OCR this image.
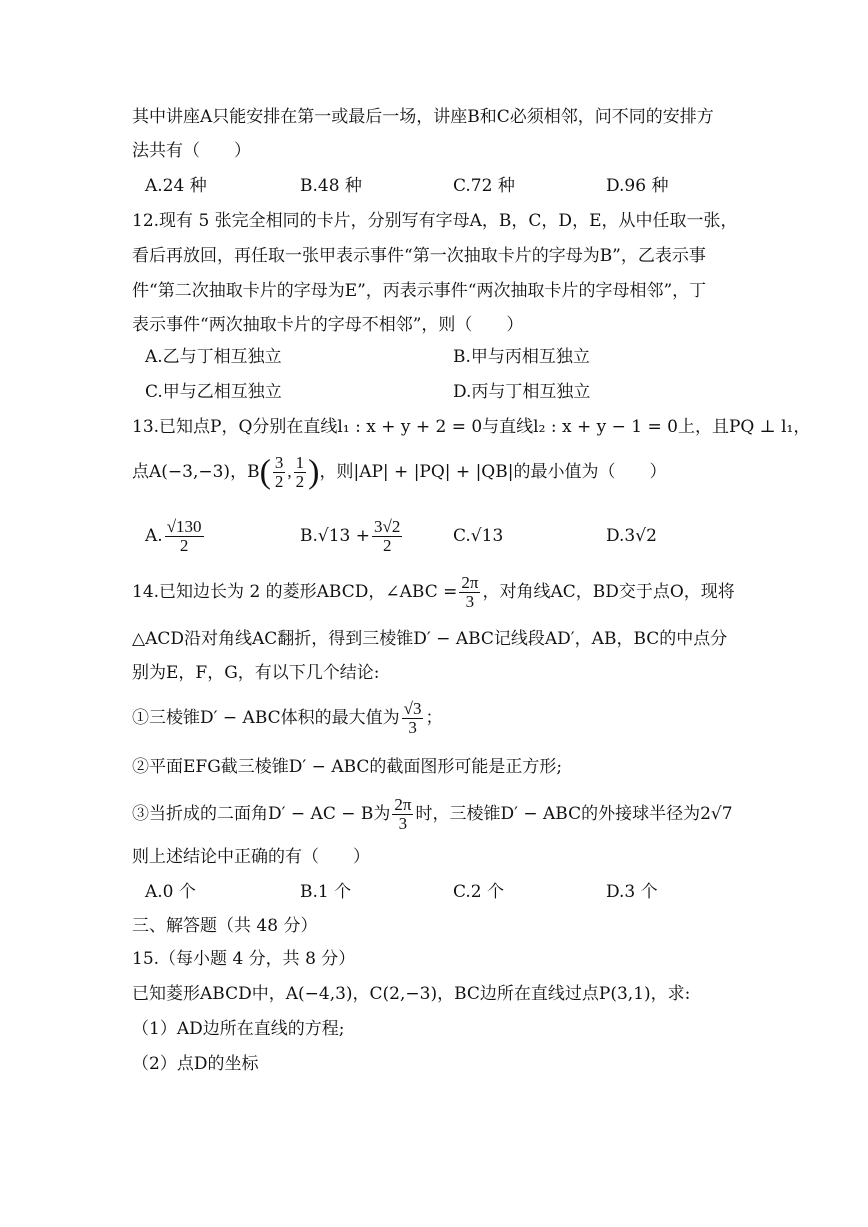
其中讲座A只能安排在第一或最后一场，讲座B和C必须相邻，问不同的安排方
法共有（　　）
A.24 种	B.48 种	C.72 种	D.96 种
12.现有 5 张完全相同的卡片，分别写有字母A，B，C，D，E，从中任取一张，
看后再放回，再任取一张甲表示事件“第一次抽取卡片的字母为B”，乙表示事
件“第二次抽取卡片的字母为E”，丙表示事件“两次抽取卡片的字母相邻”，丁
表示事件“两次抽取卡片的字母不相邻”，则（　　）
A.乙与丁相互独立	B.甲与丙相互独立
C.甲与乙相互独立	D.丙与丁相互独立
13.已知点P，Q分别在直线l₁ : x + y + 2 = 0与直线l₂ : x + y − 1 = 0上，且PQ ⊥ l₁，
点A(−3,−3)，$B( \frac{3}{2}$ , $\frac{1}{2}$ )，则|AP| + |PQ| + |QB|的最小值为（　　）
A. $\frac{√130}{2}$	$B.√13 + \frac{3√2}{2}$	C.√13	D.3√2
14.已知边长为 2 的菱形ABCD，∠ABC = $\frac{2\pi}{3}$ ，对角线AC，BD交于点O，现将
△ACD沿对角线AC翻折，得到三棱锥D′ − ABC记线段AD′，AB，BC的中点分
别为E，F，G，有以下几个结论:
①三棱锥D′ − ABC体积的最大值为 $\frac{√3}{3}$ ；
②平面EFG截三棱锥D′ − ABC的截面图形可能是正方形;
③当折成的二面角D′ − AC − B为 $\frac{2\pi}{3}$ 时，三棱锥D′ − ABC的外接球半径为2√7
则上述结论中正确的有（　　）
A.0 个	B.1 个	C.2 个	D.3 个
三、解答题（共 48 分）
15.（每小题 4 分，共 8 分）
已知菱形ABCD中，A(−4,3)，C(2,−3)，BC边所在直线过点P(3,1)，求:
（1）AD边所在直线的方程;
（2）点D的坐标
